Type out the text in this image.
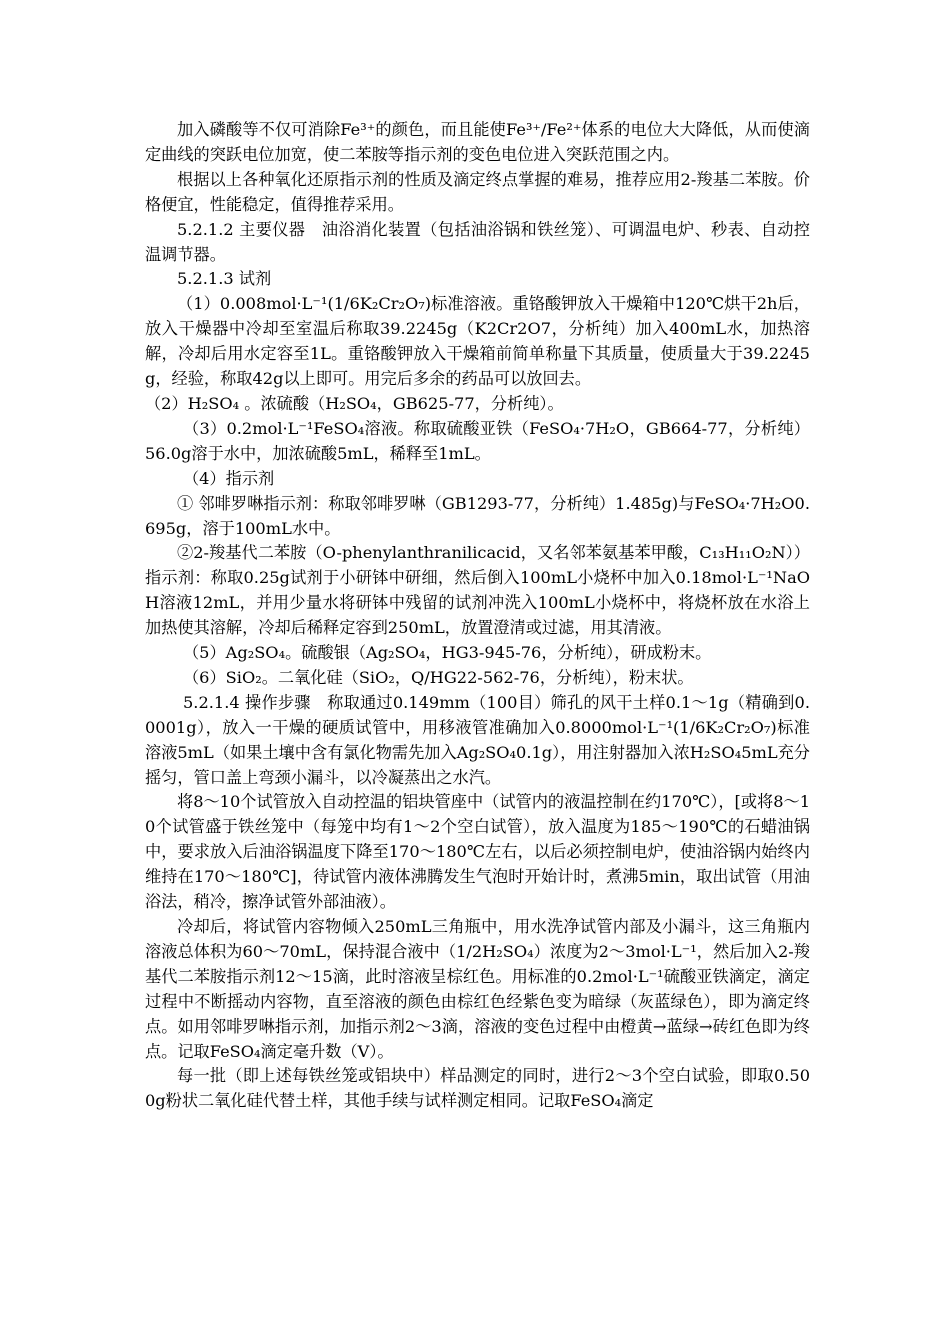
加入磷酸等不仅可消除Fe³⁺的颜色，而且能使Fe³⁺/Fe²⁺体系的电位大大降低，从而使滴定曲线的突跃电位加宽，使二苯胺等指示剂的变色电位进入突跃范围之内。

根据以上各种氧化还原指示剂的性质及滴定终点掌握的难易，推荐应用2-羧基二苯胺。价格便宜，性能稳定，值得推荐采用。

5.2.1.2 主要仪器　油浴消化装置（包括油浴锅和铁丝笼）、可调温电炉、秒表、自动控温调节器。

5.2.1.3 试剂

（1）0.008mol·L⁻¹(1/6K₂Cr₂O₇)标准溶液。重铬酸钾放入干燥箱中120℃烘干2h后，放入干燥器中冷却至室温后称取39.2245g（K2Cr2O7，分析纯）加入400mL水，加热溶解，冷却后用水定容至1L。重铬酸钾放入干燥箱前简单称量下其质量，使质量大于39.2245g，经验，称取42g以上即可。用完后多余的药品可以放回去。

（2）H₂SO₄ 。浓硫酸（H₂SO₄，GB625-77，分析纯）。

（3）0.2mol·L⁻¹FeSO₄溶液。称取硫酸亚铁（FeSO₄·7H₂O，GB664-77，分析纯）56.0g溶于水中，加浓硫酸5mL，稀释至1mL。

（4）指示剂

① 邻啡罗啉指示剂：称取邻啡罗啉（GB1293-77，分析纯）1.485g)与FeSO₄·7H₂O0.695g，溶于100mL水中。

②2-羧基代二苯胺（O-phenylanthranilicacid，又名邻苯氨基苯甲酸，C₁₃H₁₁O₂N））指示剂：称取0.25g试剂于小研钵中研细，然后倒入100mL小烧杯中加入0.18mol·L⁻¹NaOH溶液12mL，并用少量水将研钵中残留的试剂冲洗入100mL小烧杯中，将烧杯放在水浴上加热使其溶解，冷却后稀释定容到250mL，放置澄清或过滤，用其清液。

（5）Ag₂SO₄。硫酸银（Ag₂SO₄，HG3-945-76，分析纯），研成粉末。

（6）SiO₂。二氧化硅（SiO₂，Q/HG22-562-76，分析纯），粉末状。

5.2.1.4 操作步骤　称取通过0.149mm（100目）筛孔的风干土样0.1～1g（精确到0.0001g），放入一干燥的硬质试管中，用移液管准确加入0.8000mol·L⁻¹(1/6K₂Cr₂O₇)标准溶液5mL（如果土壤中含有氯化物需先加入Ag₂SO₄0.1g），用注射器加入浓H₂SO₄5mL充分摇匀，管口盖上弯颈小漏斗，以冷凝蒸出之水汽。

将8～10个试管放入自动控温的铝块管座中（试管内的液温控制在约170℃），[或将8～10个试管盛于铁丝笼中（每笼中均有1～2个空白试管），放入温度为185～190℃的石蜡油锅中，要求放入后油浴锅温度下降至170～180℃左右，以后必须控制电炉，使油浴锅内始终内维持在170～180℃]，待试管内液体沸腾发生气泡时开始计时，煮沸5min，取出试管（用油浴法，稍冷，擦净试管外部油液）。

冷却后，将试管内容物倾入250mL三角瓶中，用水洗净试管内部及小漏斗，这三角瓶内溶液总体积为60～70mL，保持混合液中（1/2H₂SO₄）浓度为2～3mol·L⁻¹，然后加入2-羧基代二苯胺指示剂12～15滴，此时溶液呈棕红色。用标准的0.2mol·L⁻¹硫酸亚铁滴定，滴定过程中不断摇动内容物，直至溶液的颜色由棕红色经紫色变为暗绿（灰蓝绿色），即为滴定终点。如用邻啡罗啉指示剂，加指示剂2～3滴，溶液的变色过程中由橙黄→蓝绿→砖红色即为终点。记取FeSO₄滴定毫升数（V）。

每一批（即上述每铁丝笼或铝块中）样品测定的同时，进行2～3个空白试验，即取0.500g粉状二氧化硅代替土样，其他手续与试样测定相同。记取FeSO₄滴定
